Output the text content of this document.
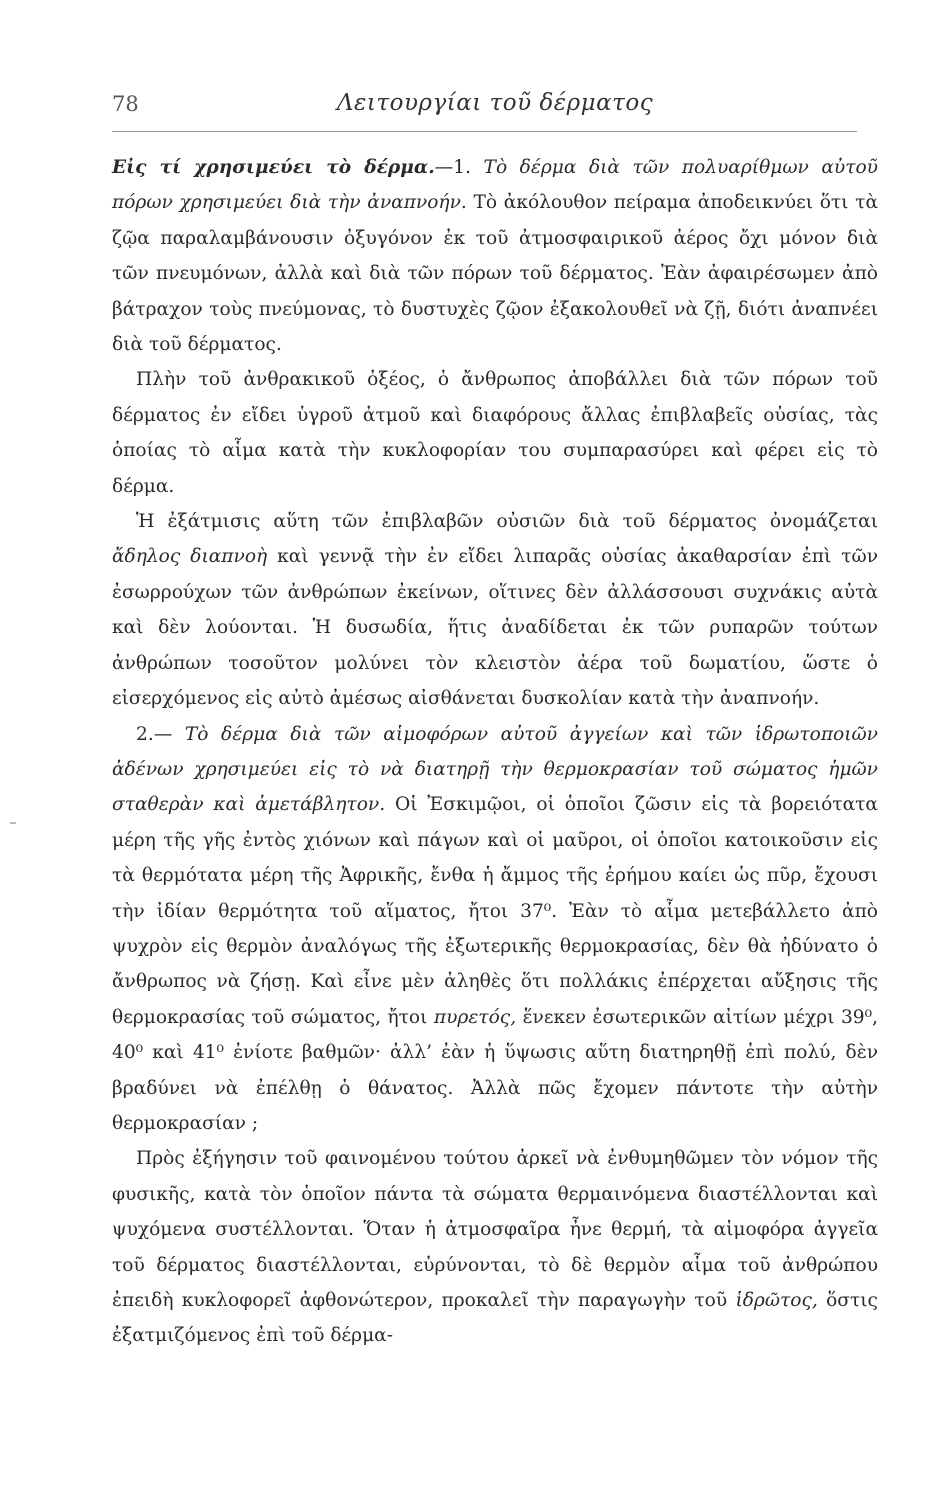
78	Λειτουργίαι τοῦ δέρματος

Εἰς τί χρησιμεύει τὸ δέρμα.—1. Τὸ δέρμα διὰ τῶν πολυαρίθμων αὐτοῦ πόρων χρησιμεύει διὰ τὴν ἀναπνοήν. Τὸ ἀκόλουθον πείραμα ἀποδεικνύει ὅτι τὰ ζῷα παραλαμβάνουσιν ὀξυγόνον ἐκ τοῦ ἀτμοσφαιρικοῦ ἀέρος ὄχι μόνον διὰ τῶν πνευμόνων, ἀλλὰ καὶ διὰ τῶν πόρων τοῦ δέρματος. Ἐὰν ἀφαιρέσωμεν ἀπὸ βάτραχον τοὺς πνεύμονας, τὸ δυστυχὲς ζῷον ἐξακολουθεῖ νὰ ζῇ, διότι ἀναπνέει διὰ τοῦ δέρματος.

Πλὴν τοῦ ἀνθρακικοῦ ὀξέος, ὁ ἄνθρωπος ἀποβάλλει διὰ τῶν πόρων τοῦ δέρματος ἐν εἴδει ὑγροῦ ἀτμοῦ καὶ διαφόρους ἄλλας ἐπιβλαβεῖς οὐσίας, τὰς ὁποίας τὸ αἷμα κατὰ τὴν κυκλοφορίαν του συμπαρασύρει καὶ φέρει εἰς τὸ δέρμα.

Ἡ ἐξάτμισις αὕτη τῶν ἐπιβλαβῶν οὐσιῶν διὰ τοῦ δέρματος ὀνομάζεται ἄδηλος διαπνοὴ καὶ γεννᾷ τὴν ἐν εἴδει λιπαρᾶς οὐσίας ἀκαθαρσίαν ἐπὶ τῶν ἐσωρρούχων τῶν ἀνθρώπων ἐκείνων, οἵτινες δὲν ἀλλάσσουσι συχνάκις αὐτὰ καὶ δὲν λούονται. Ἡ δυσωδία, ἥτις ἀναδίδεται ἐκ τῶν ρυπαρῶν τούτων ἀνθρώπων τοσοῦτον μολύνει τὸν κλειστὸν ἀέρα τοῦ δωματίου, ὥστε ὁ εἰσερχόμενος εἰς αὐτὸ ἀμέσως αἰσθάνεται δυσκολίαν κατὰ τὴν ἀναπνοήν.

2.— Τὸ δέρμα διὰ τῶν αἱμοφόρων αὐτοῦ ἀγγείων καὶ τῶν ἱδρωτοποιῶν ἀδένων χρησιμεύει εἰς τὸ νὰ διατηρῇ τὴν θερμοκρασίαν τοῦ σώματος ἡμῶν σταθερὰν καὶ ἀμετάβλητον. Οἱ Ἐσκιμῷοι, οἱ ὁποῖοι ζῶσιν εἰς τὰ βορειότατα μέρη τῆς γῆς ἐντὸς χιόνων καὶ πάγων καὶ οἱ μαῦροι, οἱ ὁποῖοι κατοικοῦσιν εἰς τὰ θερμότατα μέρη τῆς Ἀφρικῆς, ἔνθα ἡ ἄμμος τῆς ἐρήμου καίει ὡς πῦρ, ἔχουσι τὴν ἰδίαν θερμότητα τοῦ αἵματος, ἤτοι 37⁰. Ἐὰν τὸ αἷμα μετεβάλλετο ἀπὸ ψυχρὸν εἰς θερμὸν ἀναλόγως τῆς ἐξωτερικῆς θερμοκρασίας, δὲν θὰ ἠδύνατο ὁ ἄνθρωπος νὰ ζήσῃ. Καὶ εἶνε μὲν ἀληθὲς ὅτι πολλάκις ἐπέρχεται αὔξησις τῆς θερμοκρασίας τοῦ σώματος, ἤτοι πυρετός, ἕνεκεν ἐσωτερικῶν αἰτίων μέχρι 39⁰, 40⁰ καὶ 41⁰ ἐνίοτε βαθμῶν· ἀλλ’ ἐὰν ἡ ὕψωσις αὕτη διατηρηθῇ ἐπὶ πολύ, δὲν βραδύνει νὰ ἐπέλθῃ ὁ θάνατος. Ἀλλὰ πῶς ἔχομεν πάντοτε τὴν αὐτὴν θερμοκρασίαν ;

Πρὸς ἐξήγησιν τοῦ φαινομένου τούτου ἀρκεῖ νὰ ἐνθυμηθῶμεν τὸν νόμον τῆς φυσικῆς, κατὰ τὸν ὁποῖον πάντα τὰ σώματα θερμαινόμενα διαστέλλονται καὶ ψυχόμενα συστέλλονται. Ὅταν ἡ ἀτμοσφαῖρα ἦνε θερμή, τὰ αἱμοφόρα ἀγγεῖα τοῦ δέρματος διαστέλλονται, εὐρύνονται, τὸ δὲ θερμὸν αἷμα τοῦ ἀνθρώπου ἐπειδὴ κυκλοφορεῖ ἀφθονώτερον, προκαλεῖ τὴν παραγωγὴν τοῦ ἱδρῶτος, ὅστις ἐξατμιζόμενος ἐπὶ τοῦ δέρμα-
